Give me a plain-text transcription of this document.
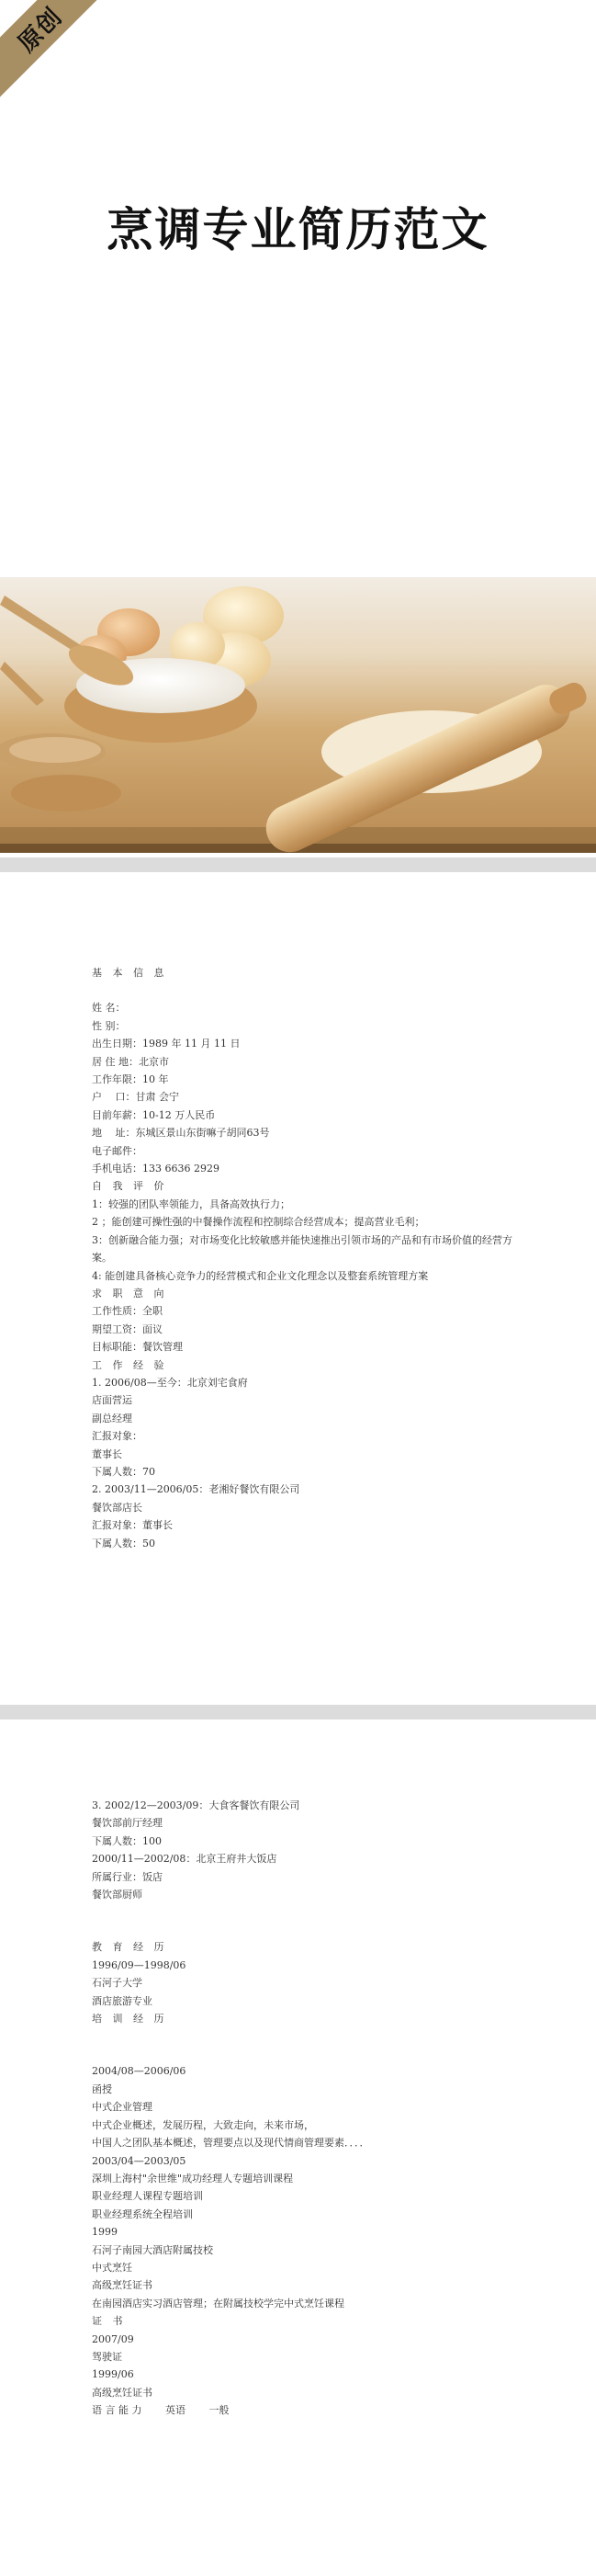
原创
烹调专业简历范文

基 本 信 息

姓 名：

性 别：

出生日期：1989 年 11 月 11 日

居 住 地：北京市

工作年限：10 年

户　 口：甘肃 会宁

目前年薪：10-12 万人民币

地　 址：东城区景山东街嘛子胡同63号

电子邮件：

手机电话：133 6636 2929

自 我 评 价

1：较强的团队率领能力，具备高效执行力；

2 ；能创建可操性强的中餐操作流程和控制综合经营成本；提高营业毛利；

3：创新融合能力强；对市场变化比较敏感并能快速推出引领市场的产品和有市场价值的经营方案。

4: 能创建具备核心竞争力的经营模式和企业文化理念以及整套系统管理方案

求 职 意 向

工作性质：全职

期望工资：面议

目标职能：餐饮管理

工 作 经 验

1. 2006/08—至今：北京刘宅食府

店面营运

副总经理

汇报对象：

董事长

下属人数：70

2. 2003/11—2006/05：老湘好餐饮有限公司

餐饮部店长

汇报对象：董事长

下属人数：50

3. 2002/12—2003/09：大食客餐饮有限公司

餐饮部前厅经理

下属人数：100

2000/11—2002/08：北京王府井大饭店

所属行业：饭店

餐饮部厨师

教 育 经 历

1996/09—1998/06

石河子大学

酒店旅游专业

培 训 经 历

2004/08—2006/06

函授

中式企业管理

中式企业概述，发展历程，大致走向，未来市场，

中国人之团队基本概述，管理要点以及现代情商管理要素．．．．

2003/04—2003/05

深圳上海村"余世维"成功经理人专题培训课程

职业经理人课程专题培训

职业经理系统全程培训

1999

石河子南园大酒店附属技校

中式烹饪

高级烹饪证书

在南园酒店实习酒店管理；在附属技校学完中式烹饪课程

证 书

2007/09

驾驶证

1999/06

高级烹饪证书

语 言 能 力　　 英语　　 一般
